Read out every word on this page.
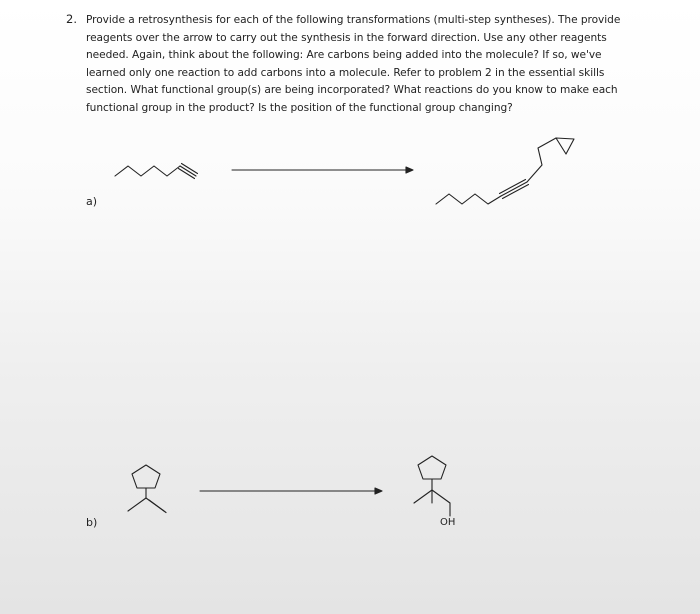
2. Provide a retrosynthesis for each of the following transformations (multi-step syntheses). The provide reagents over the arrow to carry out the synthesis in the forward direction. Use any other reagents needed. Again, think about the following: Are carbons being added into the molecule? If so, we've learned only one reaction to add carbons into a molecule. Refer to problem 2 in the essential skills section. What functional group(s) are being incorporated? What reactions do you know to make each functional group in the product? Is the position of the functional group changing?
a)
b)	OH
